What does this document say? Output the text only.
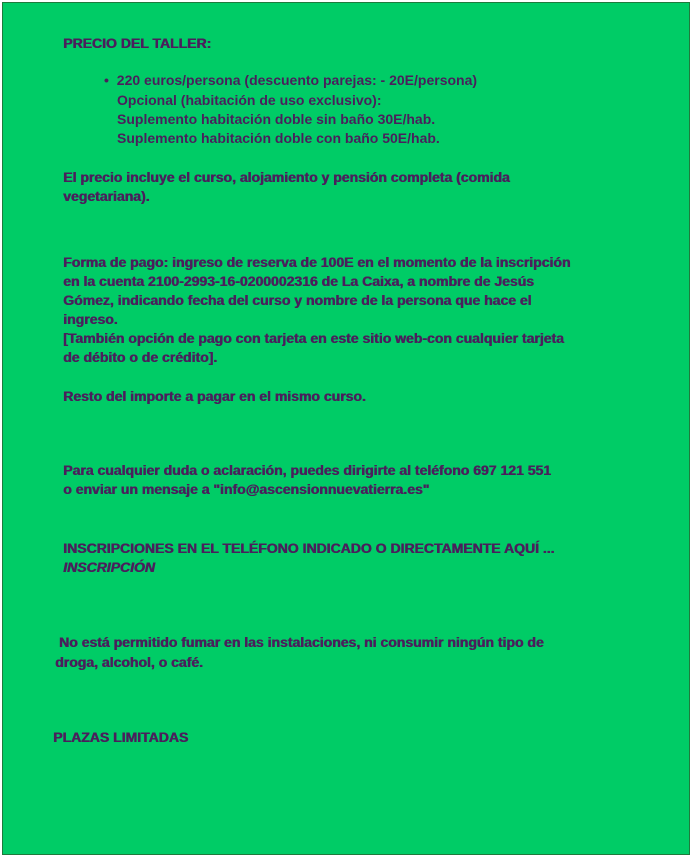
PRECIO DEL TALLER:

• 220 euros/persona (descuento parejas: - 20E/persona)
Opcional (habitación de uso exclusivo):
Suplemento habitación doble sin baño 30E/hab.
Suplemento habitación doble con baño 50E/hab.

El precio incluye el curso, alojamiento y pensión completa (comida

vegetariana).

Forma de pago: ingreso de reserva de 100E en el momento de la inscripción

en la cuenta 2100-2993-16-0200002316 de La Caixa, a nombre de Jesús

Gómez, indicando fecha del curso y nombre de la persona que hace el

ingreso.

[También opción de pago con tarjeta en este sitio web-con cualquier tarjeta

de débito o de crédito].

Resto del importe a pagar en el mismo curso.

Para cualquier duda o aclaración, puedes dirigirte al teléfono 697 121 551

o enviar un mensaje a "info@ascensionnuevatierra.es"

INSCRIPCIONES EN EL TELÉFONO INDICADO O DIRECTAMENTE AQUÍ ...

INSCRIPCIÓN

No está permitido fumar en las instalaciones, ni consumir ningún tipo de

droga, alcohol, o café.

PLAZAS LIMITADAS
